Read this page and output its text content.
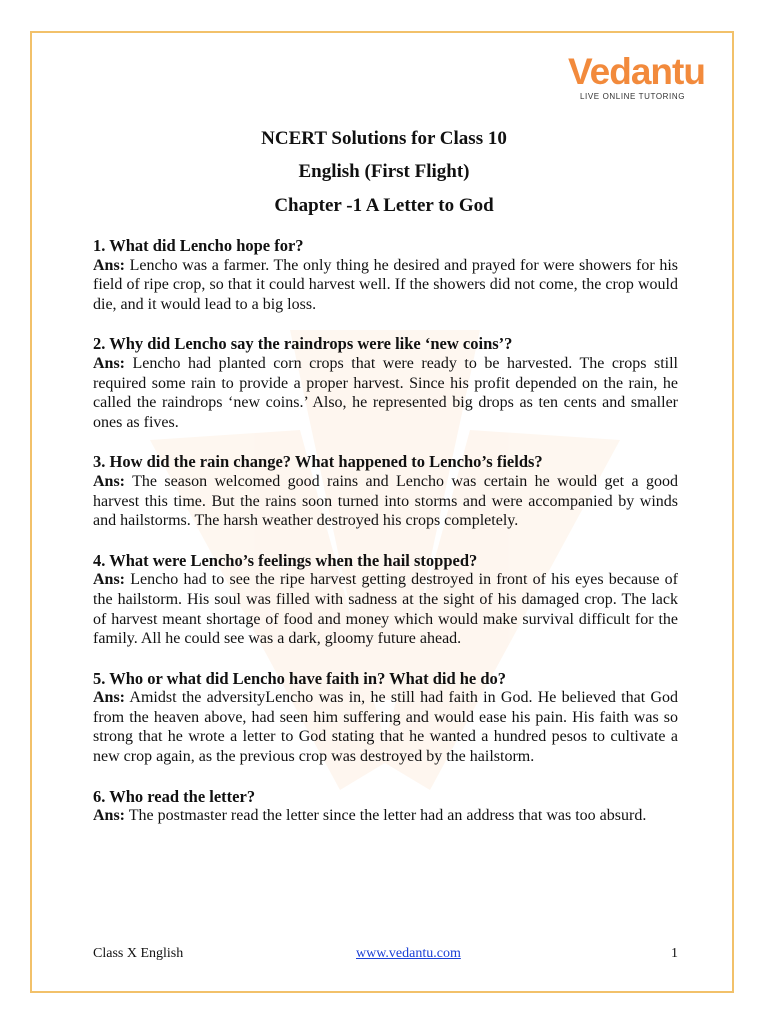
Vedantu
LIVE ONLINE TUTORING
NCERT Solutions for Class 10
English (First Flight)
Chapter -1 A Letter to God
1. What did Lencho hope for?
Ans: Lencho was a farmer. The only thing he desired and prayed for were showers for his field of ripe crop, so that it could harvest well. If the showers did not come, the crop would die, and it would lead to a big loss.
2. Why did Lencho say the raindrops were like ‘new coins’?
Ans: Lencho had planted corn crops that were ready to be harvested. The crops still required some rain to provide a proper harvest. Since his profit depended on the rain, he called the raindrops ‘new coins.’ Also, he represented big drops as ten cents and smaller ones as fives.
3. How did the rain change? What happened to Lencho’s fields?
Ans: The season welcomed good rains and Lencho was certain he would get a good harvest this time. But the rains soon turned into storms and were accompanied by winds and hailstorms. The harsh weather destroyed his crops completely.
4. What were Lencho’s feelings when the hail stopped?
Ans: Lencho had to see the ripe harvest getting destroyed in front of his eyes because of the hailstorm. His soul was filled with sadness at the sight of his damaged crop. The lack of harvest meant shortage of food and money which would make survival difficult for the family. All he could see was a dark, gloomy future ahead.
5. Who or what did Lencho have faith in? What did he do?
Ans: Amidst the adversityLencho was in, he still had faith in God. He believed that God from the heaven above, had seen him suffering and would ease his pain. His faith was so strong that he wrote a letter to God stating that he wanted a hundred pesos to cultivate a new crop again, as the previous crop was destroyed by the hailstorm.
6. Who read the letter?
Ans: The postmaster read the letter since the letter had an address that was too absurd.
Class X English	www.vedantu.com	1
